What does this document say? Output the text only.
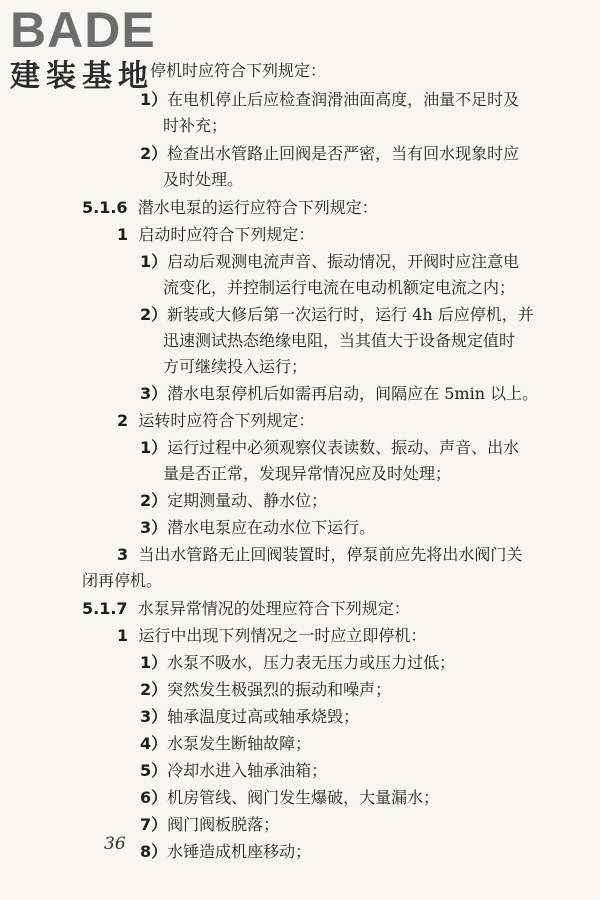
BADE
建装基地
停机时应符合下列规定：
1）在电机停止后应检查润滑油面高度，油量不足时及
时补充；
2）检查出水管路止回阀是否严密，当有回水现象时应
及时处理。
5.1.6 潜水电泵的运行应符合下列规定：
1 启动时应符合下列规定：
1）启动后观测电流声音、振动情况，开阀时应注意电
流变化，并控制运行电流在电动机额定电流之内；
2）新装或大修后第一次运行时，运行 4h 后应停机，并
迅速测试热态绝缘电阻，当其值大于设备规定值时
方可继续投入运行；
3）潜水电泵停机后如需再启动，间隔应在 5min 以上。
2 运转时应符合下列规定：
1）运行过程中必须观察仪表读数、振动、声音、出水
量是否正常，发现异常情况应及时处理；
2）定期测量动、静水位；
3）潜水电泵应在动水位下运行。
3 当出水管路无止回阀装置时，停泵前应先将出水阀门关
闭再停机。
5.1.7 水泵异常情况的处理应符合下列规定：
1 运行中出现下列情况之一时应立即停机：
1）水泵不吸水，压力表无压力或压力过低；
2）突然发生极强烈的振动和噪声；
3）轴承温度过高或轴承烧毁；
4）水泵发生断轴故障；
5）冷却水进入轴承油箱；
6）机房管线、阀门发生爆破，大量漏水；
7）阀门阀板脱落；
8）水锤造成机座移动；
36
